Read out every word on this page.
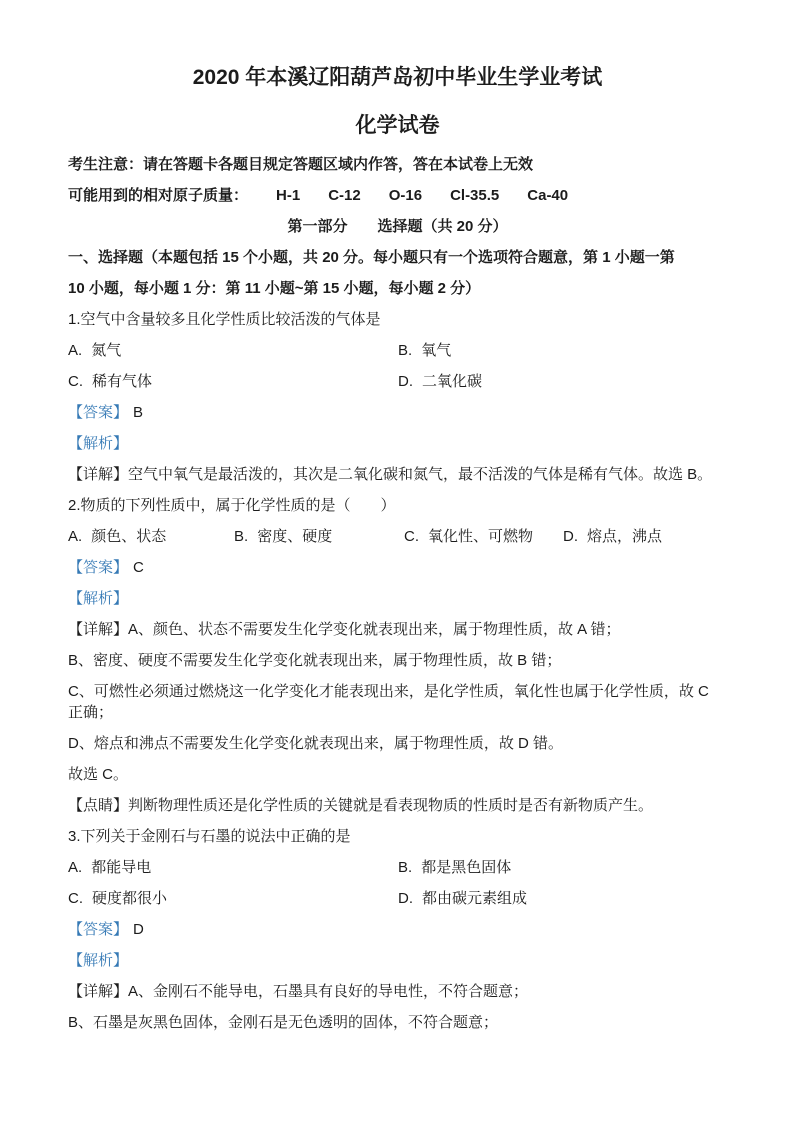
2020 年本溪辽阳葫芦岛初中毕业生学业考试
化学试卷

考生注意：请在答题卡各题目规定答题区域内作答，答在本试卷上无效

可能用到的相对原子质量： H-1 C-12 O-16 Cl-35.5 Ca-40

第一部分 选择题（共 20 分）

一、选择题（本题包括 15 个小题，共 20 分。每小题只有一个选项符合题意，第 1 小题一第

10 小题，每小题 1 分：第 11 小题~第 15 小题，每小题 2 分）

1.空气中含量较多且化学性质比较活泼的气体是

A. 氮气	B. 氧气
C. 稀有气体	D. 二氧化碳

【答案】 B

【解析】

【详解】空气中氧气是最活泼的，其次是二氧化碳和氮气，最不活泼的气体是稀有气体。故选 B。

2.物质的下列性质中，属于化学性质的是（　　）

A. 颜色、状态	B. 密度、硬度	C. 氧化性、可燃物	D. 熔点，沸点

【答案】 C

【解析】

【详解】A、颜色、状态不需要发生化学变化就表现出来，属于物理性质，故 A 错；

B、密度、硬度不需要发生化学变化就表现出来，属于物理性质，故 B 错；

C、可燃性必须通过燃烧这一化学变化才能表现出来，是化学性质，氧化性也属于化学性质，故 C 正确；

D、熔点和沸点不需要发生化学变化就表现出来，属于物理性质，故 D 错。

故选 C。

【点睛】判断物理性质还是化学性质的关键就是看表现物质的性质时是否有新物质产生。

3.下列关于金刚石与石墨的说法中正确的是

A. 都能导电	B. 都是黑色固体
C. 硬度都很小	D. 都由碳元素组成

【答案】 D

【解析】

【详解】A、金刚石不能导电，石墨具有良好的导电性，不符合题意；

B、石墨是灰黑色固体，金刚石是无色透明的固体，不符合题意；
